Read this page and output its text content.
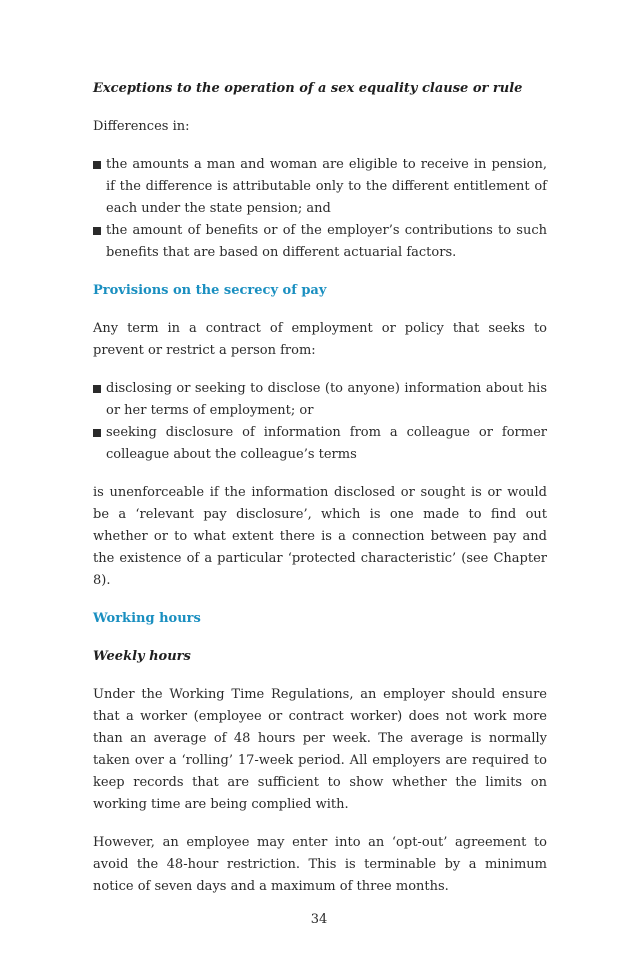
Exceptions to the operation of a sex equality clause or rule

Differences in:

the amounts a man and woman are eligible to receive in pension, if the difference is attributable only to the different entitlement of each under the state pension; and
the amount of benefits or of the employer’s contributions to such benefits that are based on different actuarial factors.

Provisions on the secrecy of pay

Any term in a contract of employment or policy that seeks to prevent or restrict a person from:

disclosing or seeking to disclose (to anyone) information about his or her terms of employment; or
seeking disclosure of information from a colleague or former colleague about the colleague’s terms

is unenforceable if the information disclosed or sought is or would be a ‘relevant pay disclosure’, which is one made to find out whether or to what extent there is a connection between pay and the existence of a particular ‘protected characteristic’ (see Chapter 8).

Working hours

Weekly hours

Under the Working Time Regulations, an employer should ensure that a worker (employee or contract worker) does not work more than an average of 48 hours per week. The average is normally taken over a ‘rolling’ 17-week period. All employers are required to keep records that are sufficient to show whether the limits on working time are being complied with.

However, an employee may enter into an ‘opt-out’ agreement to avoid the 48-hour restriction. This is terminable by a minimum notice of seven days and a maximum of three months.

34
